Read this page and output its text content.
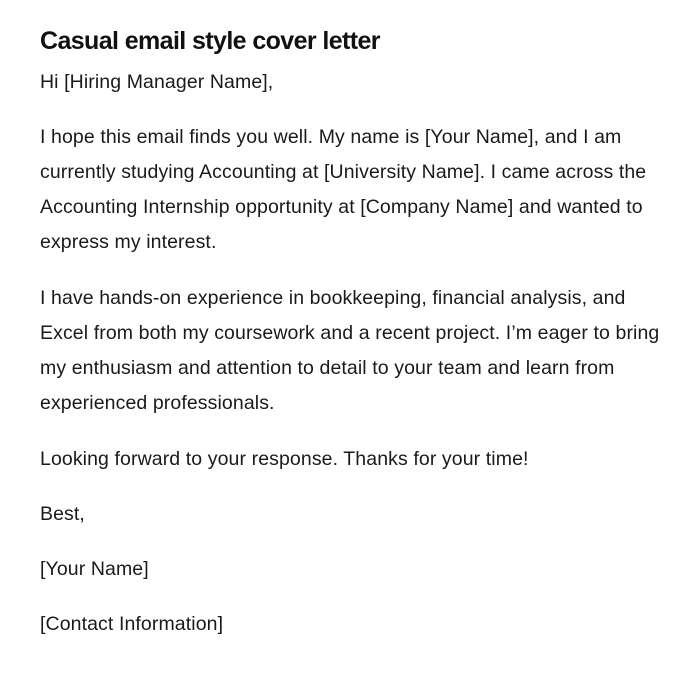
Casual email style cover letter

Hi [Hiring Manager Name],

I hope this email finds you well. My name is [Your Name], and I am currently studying Accounting at [University Name]. I came across the Accounting Internship opportunity at [Company Name] and wanted to express my interest.

I have hands-on experience in bookkeeping, financial analysis, and Excel from both my coursework and a recent project. I’m eager to bring my enthusiasm and attention to detail to your team and learn from experienced professionals.

Looking forward to your response. Thanks for your time!

Best,

[Your Name]

[Contact Information]
